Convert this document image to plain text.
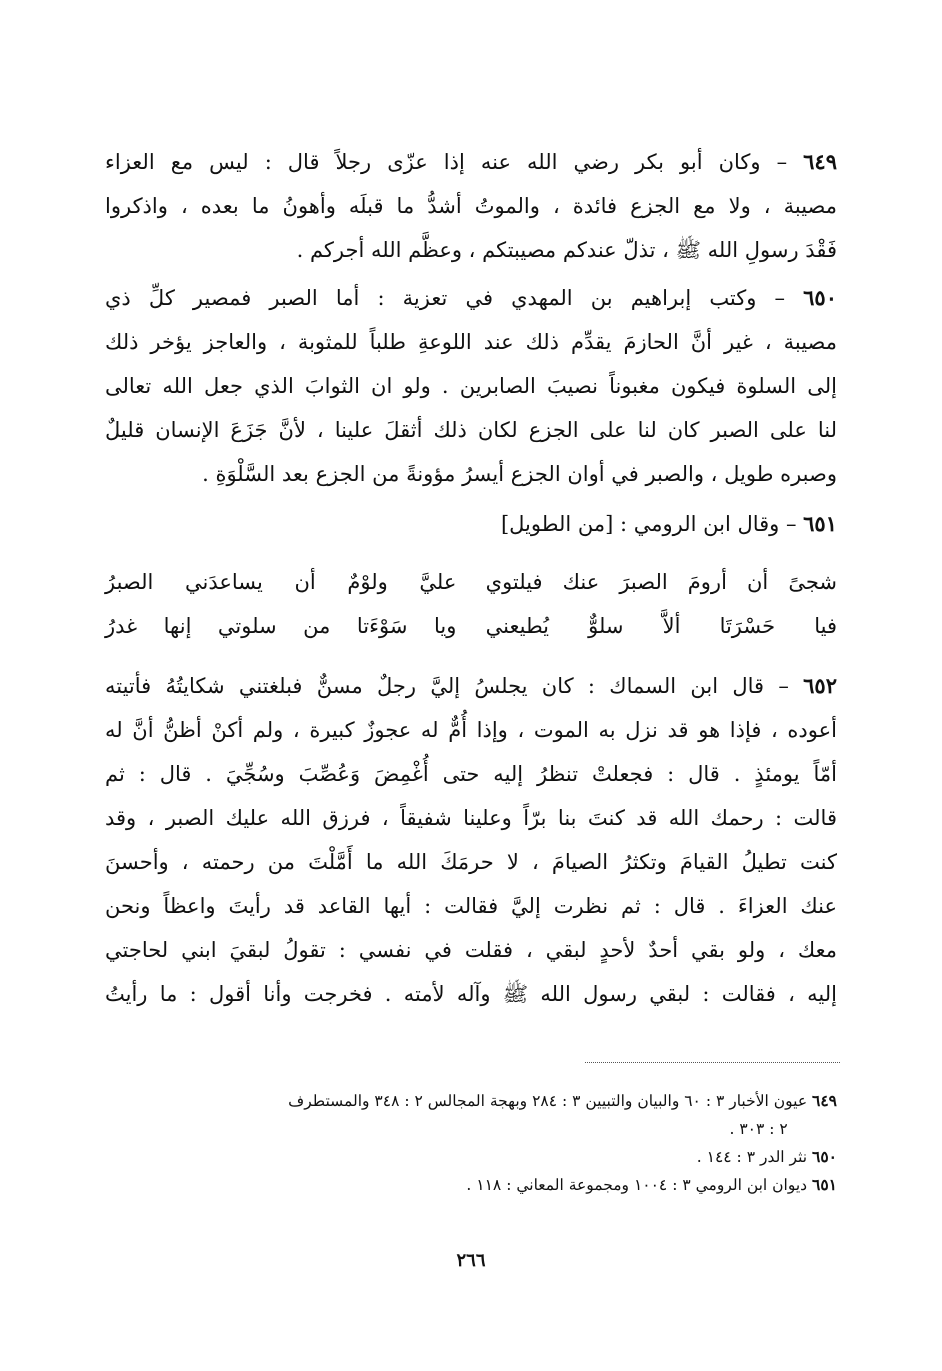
٦٤٩ – وكان أبو بكر رضي الله عنه إذا عزّى رجلاً قال : ليس مع العزاء
مصيبة ، ولا مع الجزع فائدة ، والموتُ أشدُّ ما قبلَه وأهونُ ما بعده ، واذكروا
فَقْدَ رسولِ الله ﷺ ، تذلّ عندكم مصيبتكم ، وعظَّم الله أجركم .

٦٥٠ – وكتب إبراهيم بن المهدي في تعزية : أما الصبر فمصير كلِّ ذي
مصيبة ، غير أنَّ الحازمَ يقدِّم ذلك عند اللوعةِ طلباً للمثوبة ، والعاجز يؤخر ذلك
إلى السلوة فيكون مغبوناً نصيبَ الصابرين . ولو ان الثوابَ الذي جعل الله تعالى
لنا على الصبر كان لنا على الجزع لكان ذلك أثقلَ علينا ، لأنَّ جَزَعَ الإنسان قليلٌ
وصبره طويل ، والصبر في أوان الجزع أيسرُ مؤونةً من الجزع بعد السَّلْوَةِ .

٦٥١ – وقال ابن الرومي : [من الطويل]

شجىً أن أرومَ الصبرَ عنك فيلتوي
عليَّ ولوْمٌ أن يساعدَني الصبرُ
فيا حَسْرَتَا ألاَّ سلوٌّ يُطيعني
ويا سَوْءَتا من سلوتي إنها غدرُ

٦٥٢ – قال ابن السماك : كان يجلسُ إليَّ رجلٌ مسنٌّ فبلغتني شكايتُهُ فأتيته
أعوده ، فإذا هو قد نزل به الموت ، وإذا أُمٌّ له عجوزٌ كبيرة ، ولم أكنْ أظنُّ أنَّ له
أمّاً يومئذٍ . قال : فجعلتْ تنظرُ إليه حتى أُغْمِضَ وَعُصِّبَ وسُجِّيَ . قال : ثم
قالت : رحمك الله قد كنتَ بنا برّاً وعلينا شفيقاً ، فرزق الله عليك الصبر ، وقد
كنت تطيلُ القيامَ وتكثرُ الصيامَ ، لا حرمَكَ الله ما أَمَّلْتَ من رحمته ، وأحسنَ
عنك العزاءَ . قال : ثم نظرت إليَّ فقالت : أيها القاعد قد رأيتَ واعظاً ونحن
معك ، ولو بقي أحدٌ لأحدٍ لبقي ، فقلت في نفسي : تقولُ لبقيَ ابني لحاجتي
إليه ، فقالت : لبقي رسول الله ﷺ وآله لأمته . فخرجت وأنا أقول : ما رأيتُ

٦٤٩ عيون الأخبار ٣ : ٦٠ والبيان والتبيين ٣ : ٢٨٤ وبهجة المجالس ٢ : ٣٤٨ والمستطرف
٢ : ٣٠٣ .
٦٥٠ نثر الدر ٣ : ١٤٤ .
٦٥١ ديوان ابن الرومي ٣ : ١٠٠٤ ومجموعة المعاني : ١١٨ .
٢٦٦
